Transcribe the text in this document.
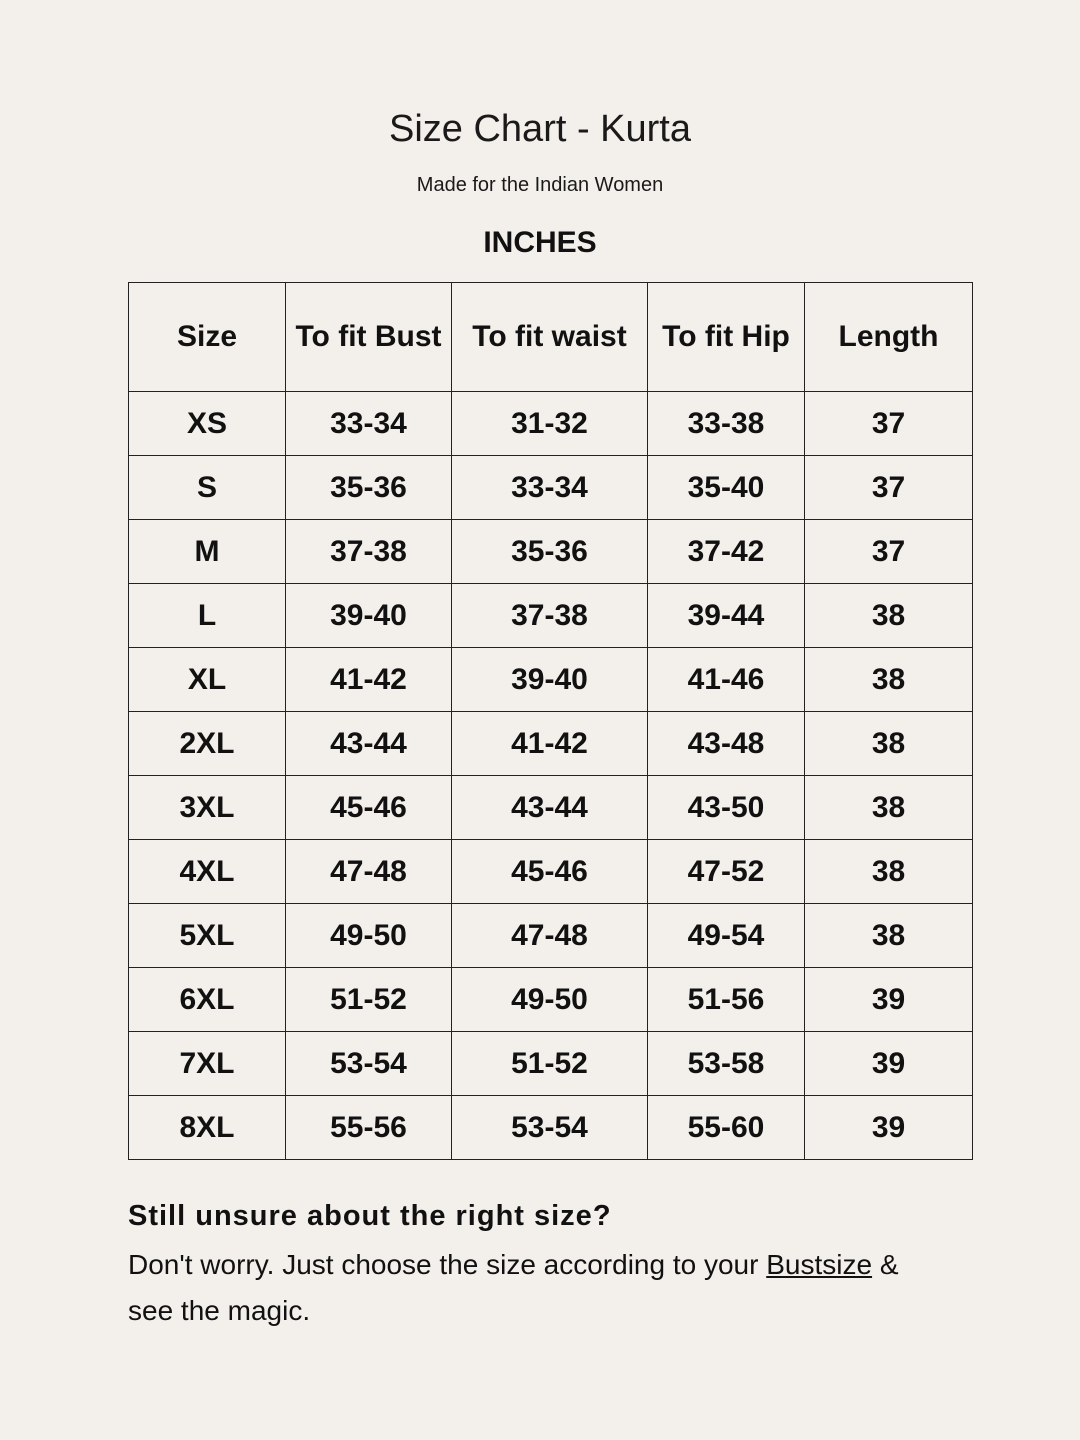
Size Chart - Kurta
Made for the Indian Women
INCHES
Size	To fit Bust	To fit waist	To fit Hip	Length
XS	33-34	31-32	33-38	37
S	35-36	33-34	35-40	37
M	37-38	35-36	37-42	37
L	39-40	37-38	39-44	38
XL	41-42	39-40	41-46	38
2XL	43-44	41-42	43-48	38
3XL	45-46	43-44	43-50	38
4XL	47-48	45-46	47-52	38
5XL	49-50	47-48	49-54	38
6XL	51-52	49-50	51-56	39
7XL	53-54	51-52	53-58	39
8XL	55-56	53-54	55-60	39
Still unsure about the right size?
Don't worry. Just choose the size according to your Bustsize & see the magic.
